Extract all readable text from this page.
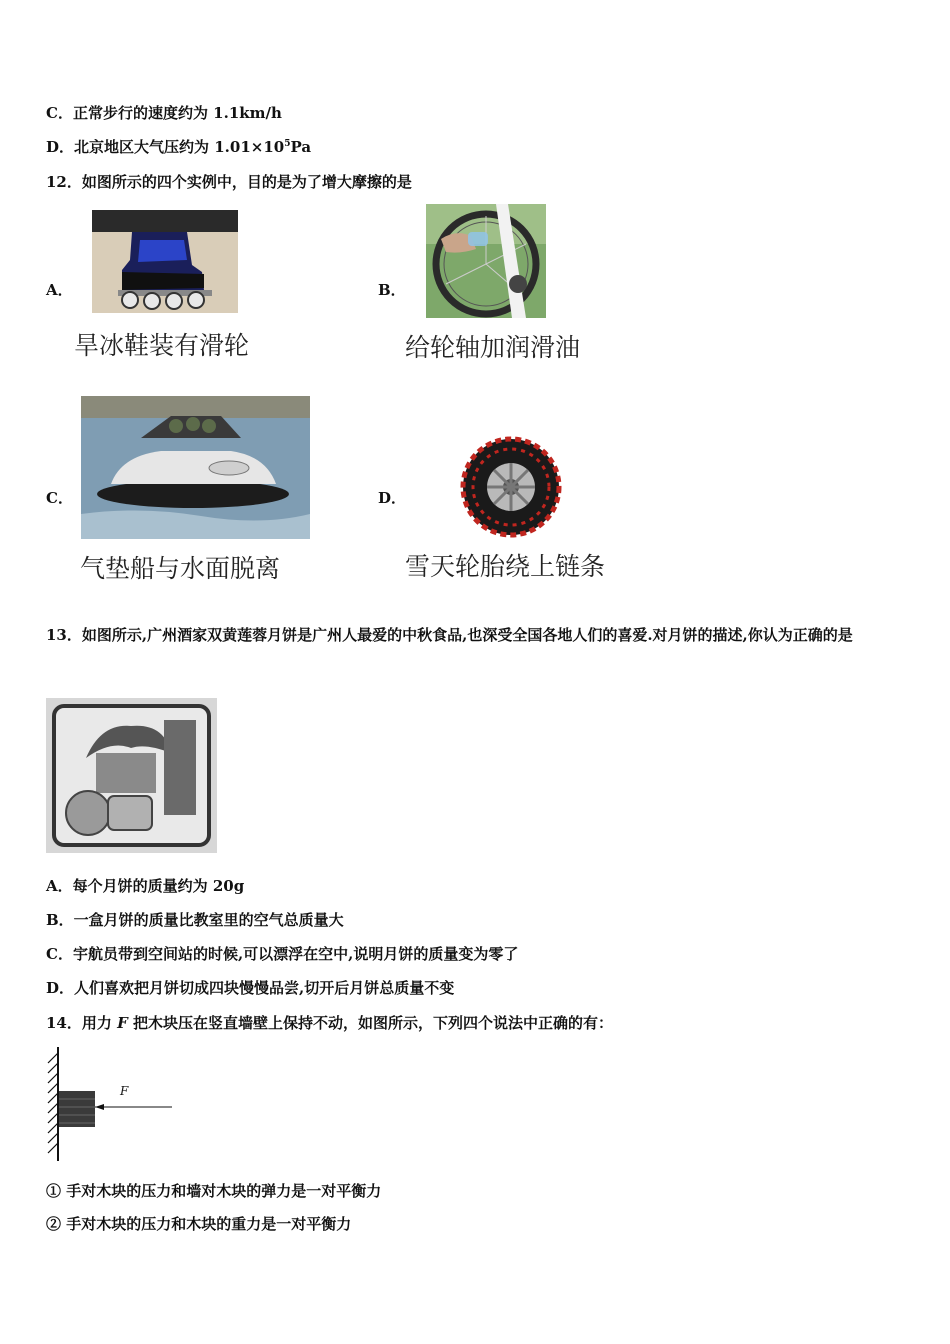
C．正常步行的速度约为 1.1km/h
D．北京地区大气压约为 $1.01\times 10^5Pa$
12．如图所示的四个实例中，目的是为了增大摩擦的是
A．
旱冰鞋装有滑轮
B．
给轮轴加润滑油
C．
气垫船与水面脱离
D．
雪天轮胎绕上链条
13．如图所示,广州酒家双黄莲蓉月饼是广州人最爱的中秋食品,也深受全国各地人们的喜爱.对月饼的描述,你认为正确的是
A．每个月饼的质量约为 20g
B．一盒月饼的质量比教室里的空气总质量大
C．宇航员带到空间站的时候,可以漂浮在空中,说明月饼的质量变为零了
D．人们喜欢把月饼切成四块慢慢品尝,切开后月饼总质量不变
14．用力 F 把木块压在竖直墙壁上保持不动，如图所示，下列四个说法中正确的有：
F
① 手对木块的压力和墙对木块的弹力是一对平衡力
② 手对木块的压力和木块的重力是一对平衡力
